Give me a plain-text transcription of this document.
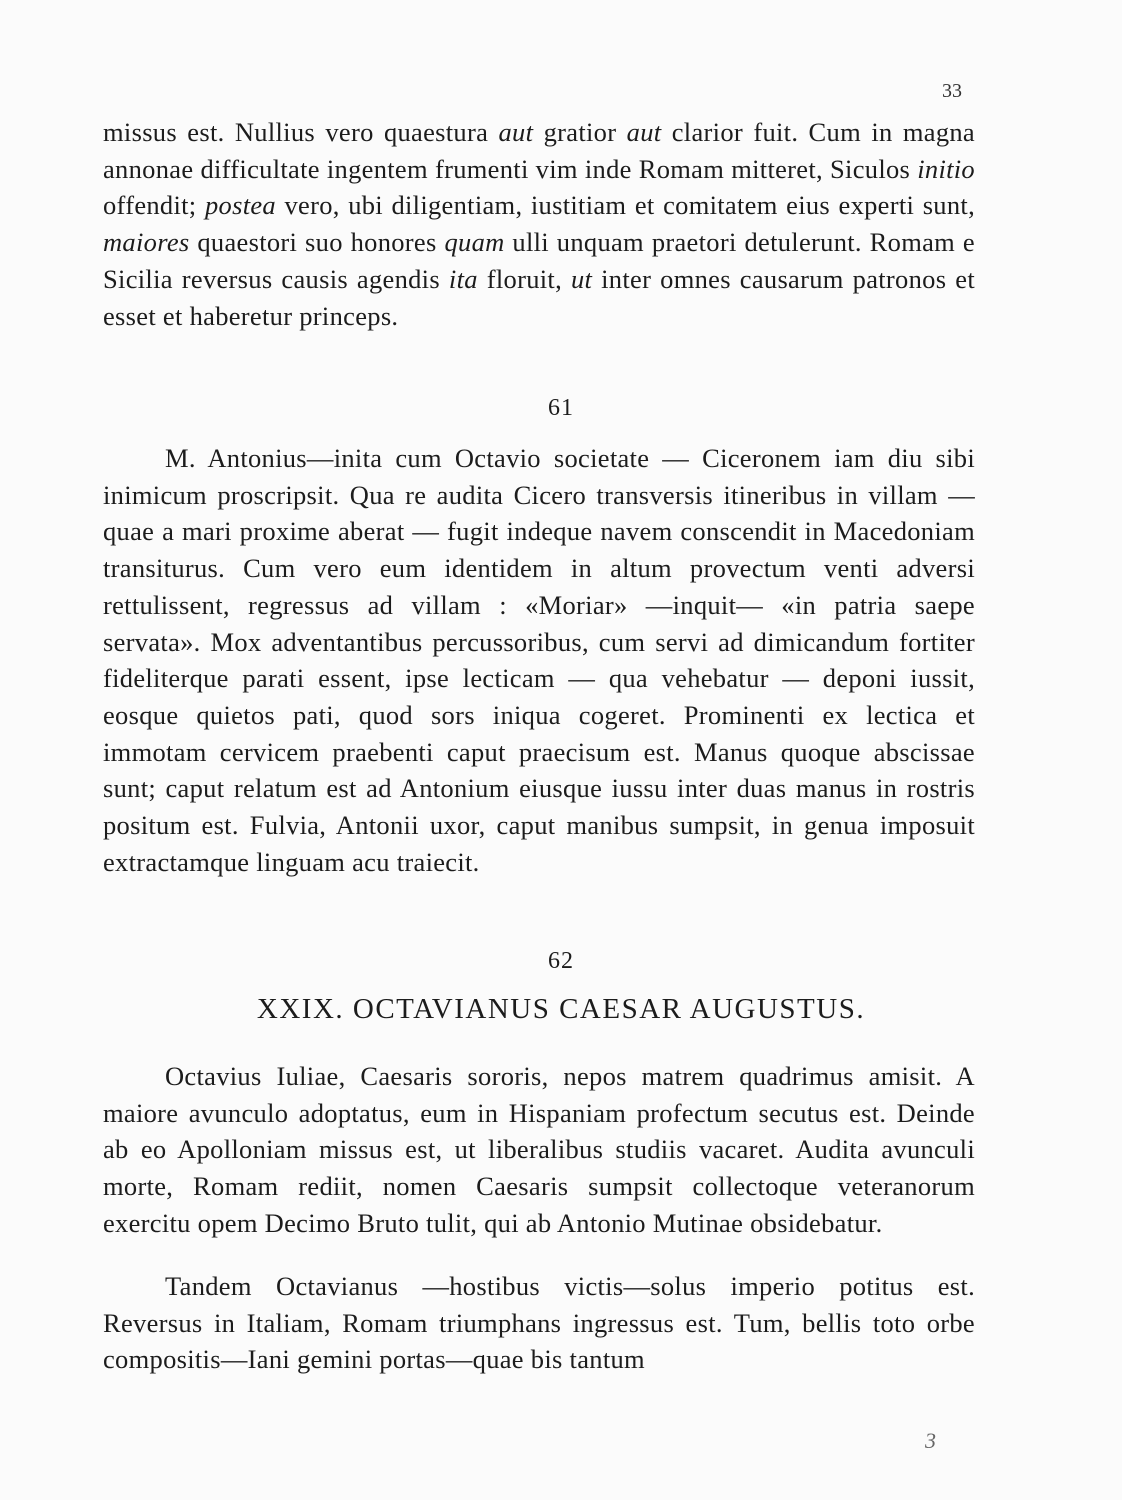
33

missus est. Nullius vero quaestura aut gratior aut clarior fuit. Cum in magna annonae difficultate ingentem frumenti vim inde Romam mitteret, Siculos initio offendit; postea vero, ubi diligentiam, iustitiam et comitatem eius experti sunt, maiores quaestori suo honores quam ulli unquam praetori detulerunt. Romam e Sicilia reversus causis agendis ita floruit, ut inter omnes causarum patronos et esset et haberetur princeps.

61

M. Antonius—inita cum Octavio societate — Ciceronem iam diu sibi inimicum proscripsit. Qua re audita Cicero transversis itineribus in villam — quae a mari proxime aberat — fugit indeque navem conscendit in Macedoniam transiturus. Cum vero eum identidem in altum provectum venti adversi rettulissent, regressus ad villam : «Moriar» —inquit— «in patria saepe servata». Mox adventantibus percussoribus, cum servi ad dimicandum fortiter fideliterque parati essent, ipse lecticam — qua vehebatur — deponi iussit, eosque quietos pati, quod sors iniqua cogeret. Prominenti ex lectica et immotam cervicem praebenti caput praecisum est. Manus quoque abscissae sunt; caput relatum est ad Antonium eiusque iussu inter duas manus in rostris positum est. Fulvia, Antonii uxor, caput manibus sumpsit, in genua imposuit extractamque linguam acu traiecit.

62
XXIX. OCTAVIANUS CAESAR AUGUSTUS.

Octavius Iuliae, Caesaris sororis, nepos matrem quadrimus amisit. A maiore avunculo adoptatus, eum in Hispaniam profectum secutus est. Deinde ab eo Apolloniam missus est, ut liberalibus studiis vacaret. Audita avunculi morte, Romam rediit, nomen Caesaris sumpsit collectoque veteranorum exercitu opem Decimo Bruto tulit, qui ab Antonio Mutinae obsidebatur.

Tandem Octavianus —hostibus victis—solus imperio potitus est. Reversus in Italiam, Romam triumphans ingressus est. Tum, bellis toto orbe compositis—Iani gemini portas—quae bis tantum

3
